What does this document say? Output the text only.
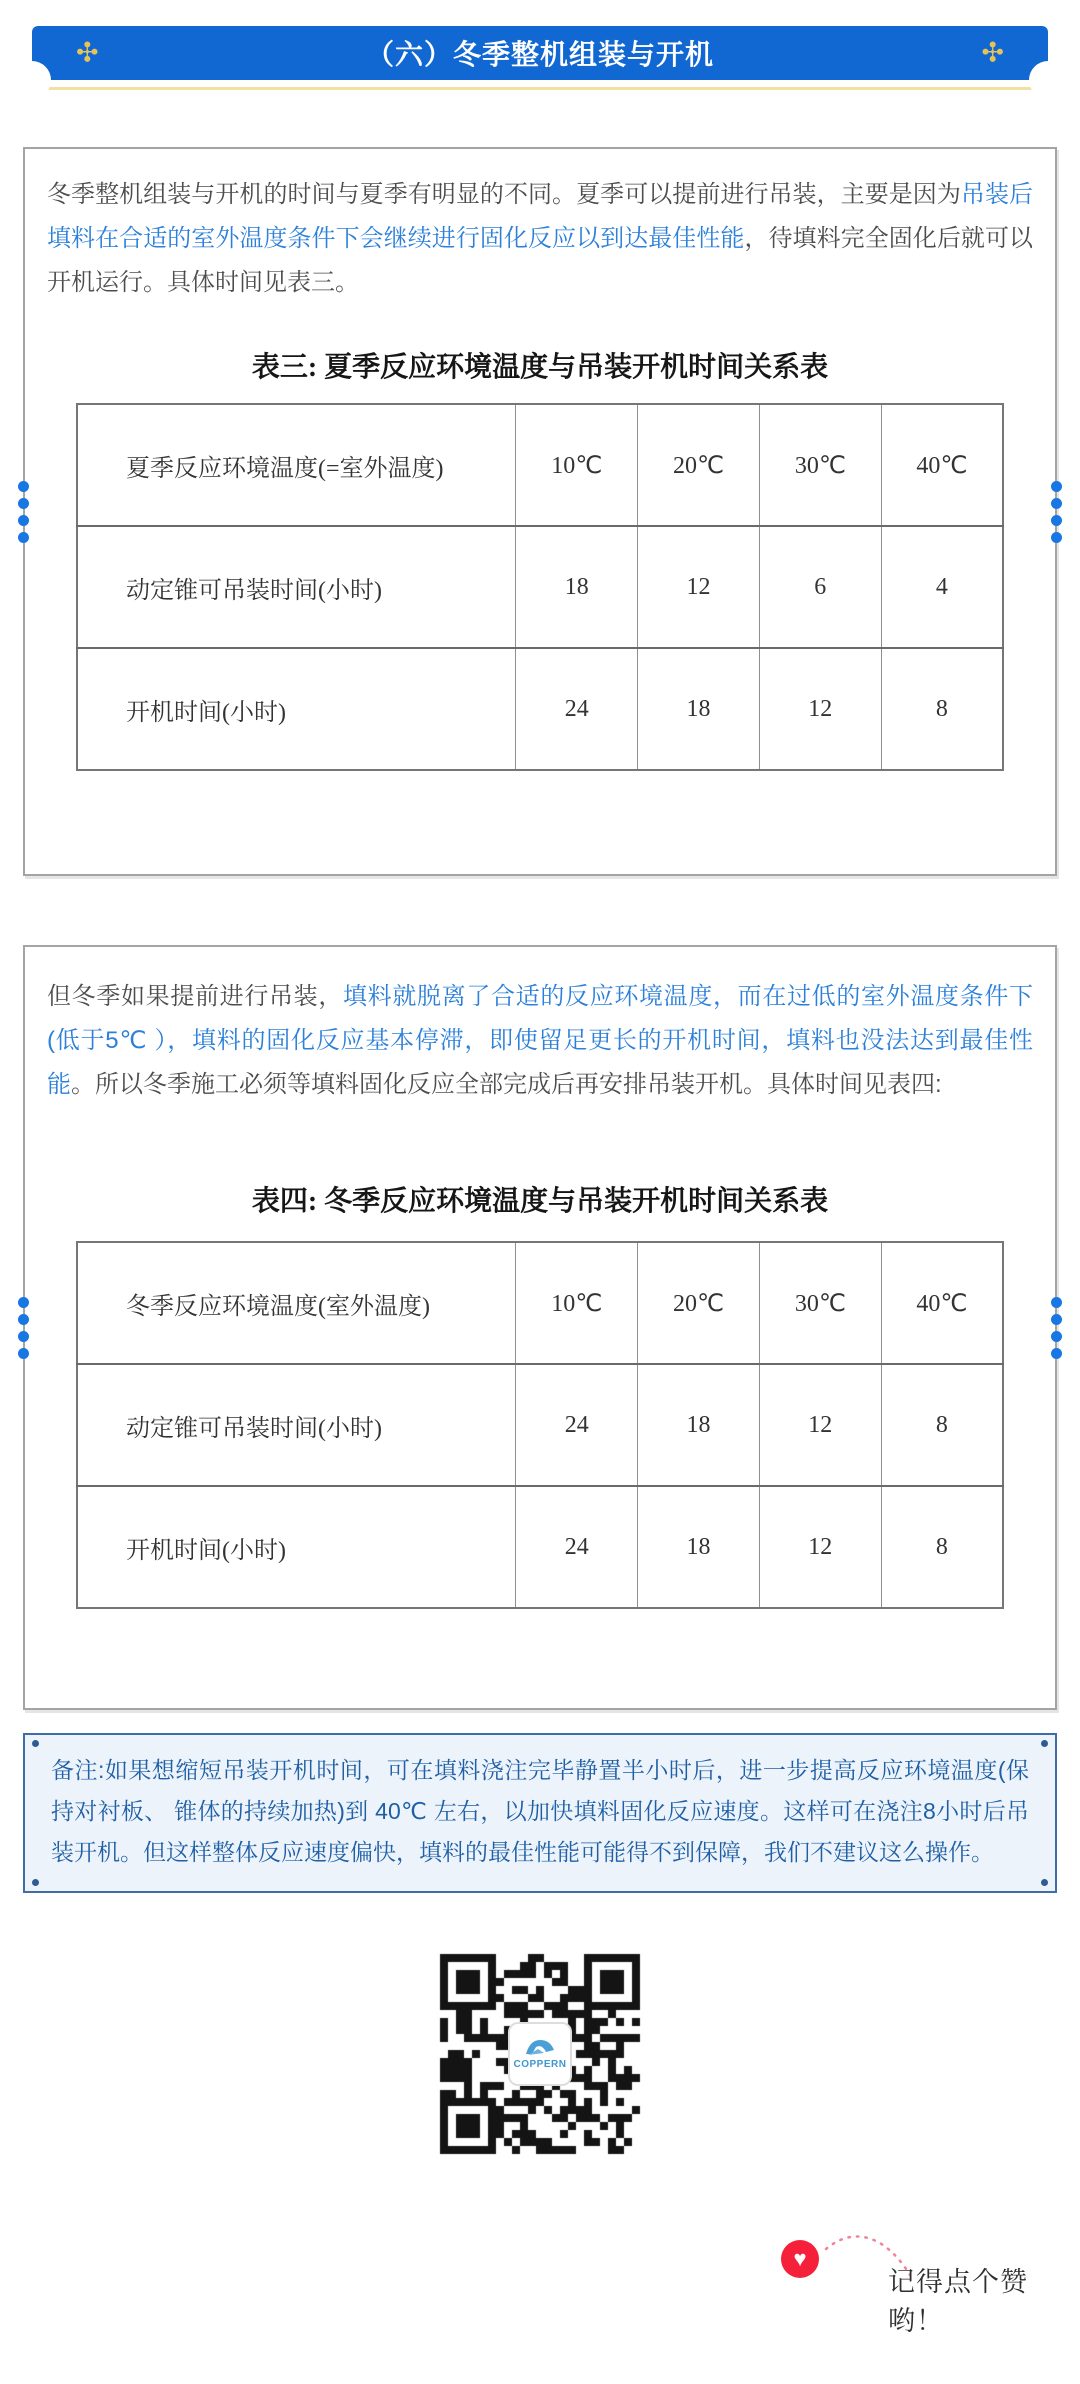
✣	（六）冬季整机组装与开机	✣

冬季整机组装与开机的时间与夏季有明显的不同。夏季可以提前进行吊装，主要是因为吊装后填料在合适的室外温度条件下会继续进行固化反应以到达最佳性能，待填料完全固化后就可以开机运行。具体时间见表三。

表三: 夏季反应环境温度与吊装开机时间关系表
夏季反应环境温度(=室外温度)	10℃	20℃	30℃	40℃
动定锥可吊装时间(小时)	18	12	6	4
开机时间(小时)	24	18	12	8

但冬季如果提前进行吊装，填料就脱离了合适的反应环境温度，而在过低的室外温度条件下(低于5℃ ），填料的固化反应基本停滞，即使留足更长的开机时间，填料也没法达到最佳性能。所以冬季施工必须等填料固化反应全部完成后再安排吊装开机。具体时间见表四:

表四: 冬季反应环境温度与吊装开机时间关系表
冬季反应环境温度(室外温度)	10℃	20℃	30℃	40℃
动定锥可吊装时间(小时)	24	18	12	8
开机时间(小时)	24	18	12	8
备注:如果想缩短吊装开机时间，可在填料浇注完毕静置半小时后，进一步提高反应环境温度(保持对衬板、 锥体的持续加热)到 40℃ 左右，以加快填料固化反应速度。这样可在浇注8小时后吊装开机。但这样整体反应速度偏快，填料的最佳性能可能得不到保障，我们不建议这么操作。
COPPERN
♥
记得点个赞哟！
